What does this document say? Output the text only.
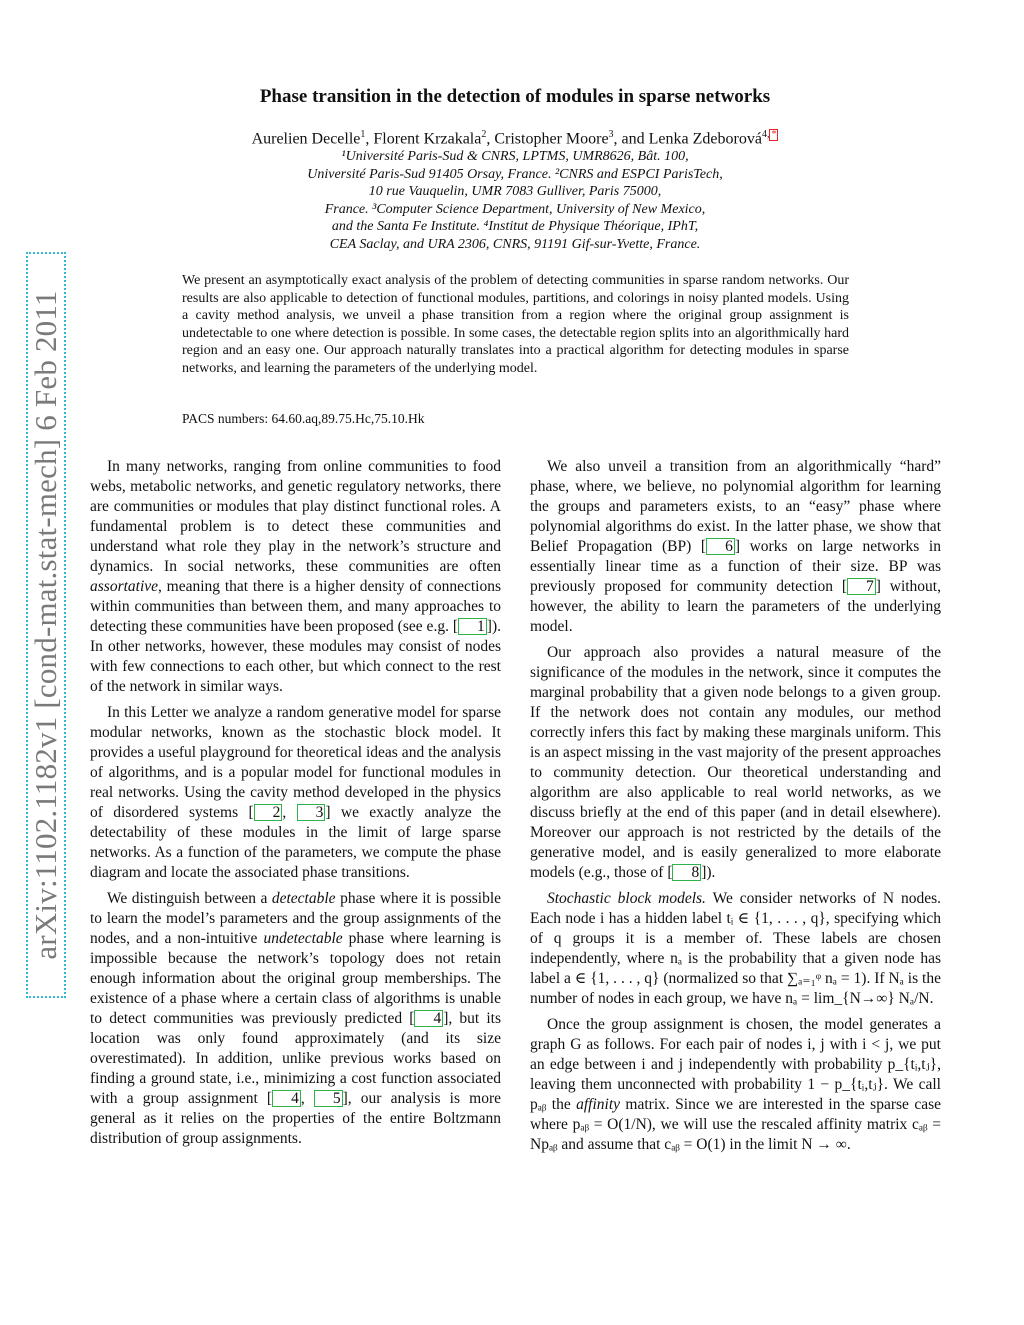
arXiv:1102.1182v1 [cond-mat.stat-mech] 6 Feb 2011
Phase transition in the detection of modules in sparse networks
Aurelien Decelle$^1$, Florent Krzakala$^2$, Cristopher Moore$^3$, and Lenka Zdeborová$^{4,}$ *
¹Université Paris-Sud & CNRS, LPTMS, UMR8626, Bât. 100,
Université Paris-Sud 91405 Orsay, France. ²CNRS and ESPCI ParisTech,
10 rue Vauquelin, UMR 7083 Gulliver, Paris 75000,
France. ³Computer Science Department, University of New Mexico,
and the Santa Fe Institute. ⁴Institut de Physique Théorique, IPhT,
CEA Saclay, and URA 2306, CNRS, 91191 Gif-sur-Yvette, France.
We present an asymptotically exact analysis of the problem of detecting communities in sparse random networks. Our results are also applicable to detection of functional modules, partitions, and colorings in noisy planted models. Using a cavity method analysis, we unveil a phase transition from a region where the original group assignment is undetectable to one where detection is possible. In some cases, the detectable region splits into an algorithmically hard region and an easy one. Our approach naturally translates into a practical algorithm for detecting modules in sparse networks, and learning the parameters of the underlying model.
PACS numbers: 64.60.aq,89.75.Hc,75.10.Hk

In many networks, ranging from online communities to food webs, metabolic networks, and genetic regulatory networks, there are communities or modules that play distinct functional roles. A fundamental problem is to detect these communities and understand what role they play in the network’s structure and dynamics. In social networks, these communities are often assortative, meaning that there is a higher density of connections within communities than between them, and many approaches to detecting these communities have been proposed (see e.g. [ 1 ]). In other networks, however, these modules may consist of nodes with few connections to each other, but which connect to the rest of the network in similar ways.

In this Letter we analyze a random generative model for sparse modular networks, known as the stochastic block model. It provides a useful playground for theoretical ideas and the analysis of algorithms, and is a popular model for functional modules in real networks. Using the cavity method developed in the physics of disordered systems [ 2 , 3 ] we exactly analyze the detectability of these modules in the limit of large sparse networks. As a function of the parameters, we compute the phase diagram and locate the associated phase transitions.

We distinguish between a detectable phase where it is possible to learn the model’s parameters and the group assignments of the nodes, and a non-intuitive undetectable phase where learning is impossible because the network’s topology does not retain enough information about the original group memberships. The existence of a phase where a certain class of algorithms is unable to detect communities was previously predicted [ 4 ], but its location was only found approximately (and its size overestimated). In addition, unlike previous works based on finding a ground state, i.e., minimizing a cost function associated with a group assignment [ 4 , 5 ], our analysis is more general as it relies on the properties of the entire Boltzmann distribution of group assignments.

We also unveil a transition from an algorithmically “hard” phase, where, we believe, no polynomial algorithm for learning the groups and parameters exists, to an “easy” phase where polynomial algorithms do exist. In the latter phase, we show that Belief Propagation (BP) [ 6 ] works on large networks in essentially linear time as a function of their size. BP was previously proposed for community detection [ 7 ] without, however, the ability to learn the parameters of the underlying model.

Our approach also provides a natural measure of the significance of the modules in the network, since it computes the marginal probability that a given node belongs to a given group. If the network does not contain any modules, our method correctly infers this fact by making these marginals uniform. This is an aspect missing in the vast majority of the present approaches to community detection. Our theoretical understanding and algorithm are also applicable to real world networks, as we discuss briefly at the end of this paper (and in detail elsewhere). Moreover our approach is not restricted by the details of the generative model, and is easily generalized to more elaborate models (e.g., those of [ 8 ]).

Stochastic block models. We consider networks of N nodes. Each node i has a hidden label tᵢ ∈ {1, . . . , q}, specifying which of q groups it is a member of. These labels are chosen independently, where nₐ is the probability that a given node has label a ∈ {1, . . . , q} (normalized so that ∑ₐ₌₁ᵠ nₐ = 1). If Nₐ is the number of nodes in each group, we have nₐ = lim_{N→∞} Nₐ/N.

Once the group assignment is chosen, the model generates a graph G as follows. For each pair of nodes i, j with i < j, we put an edge between i and j independently with probability p_{tᵢ,tⱼ}, leaving them unconnected with probability 1 − p_{tᵢ,tⱼ}. We call pₐᵦ the affinity matrix. Since we are interested in the sparse case where pₐᵦ = O(1/N), we will use the rescaled affinity matrix cₐᵦ = Npₐᵦ and assume that cₐᵦ = O(1) in the limit N → ∞.
